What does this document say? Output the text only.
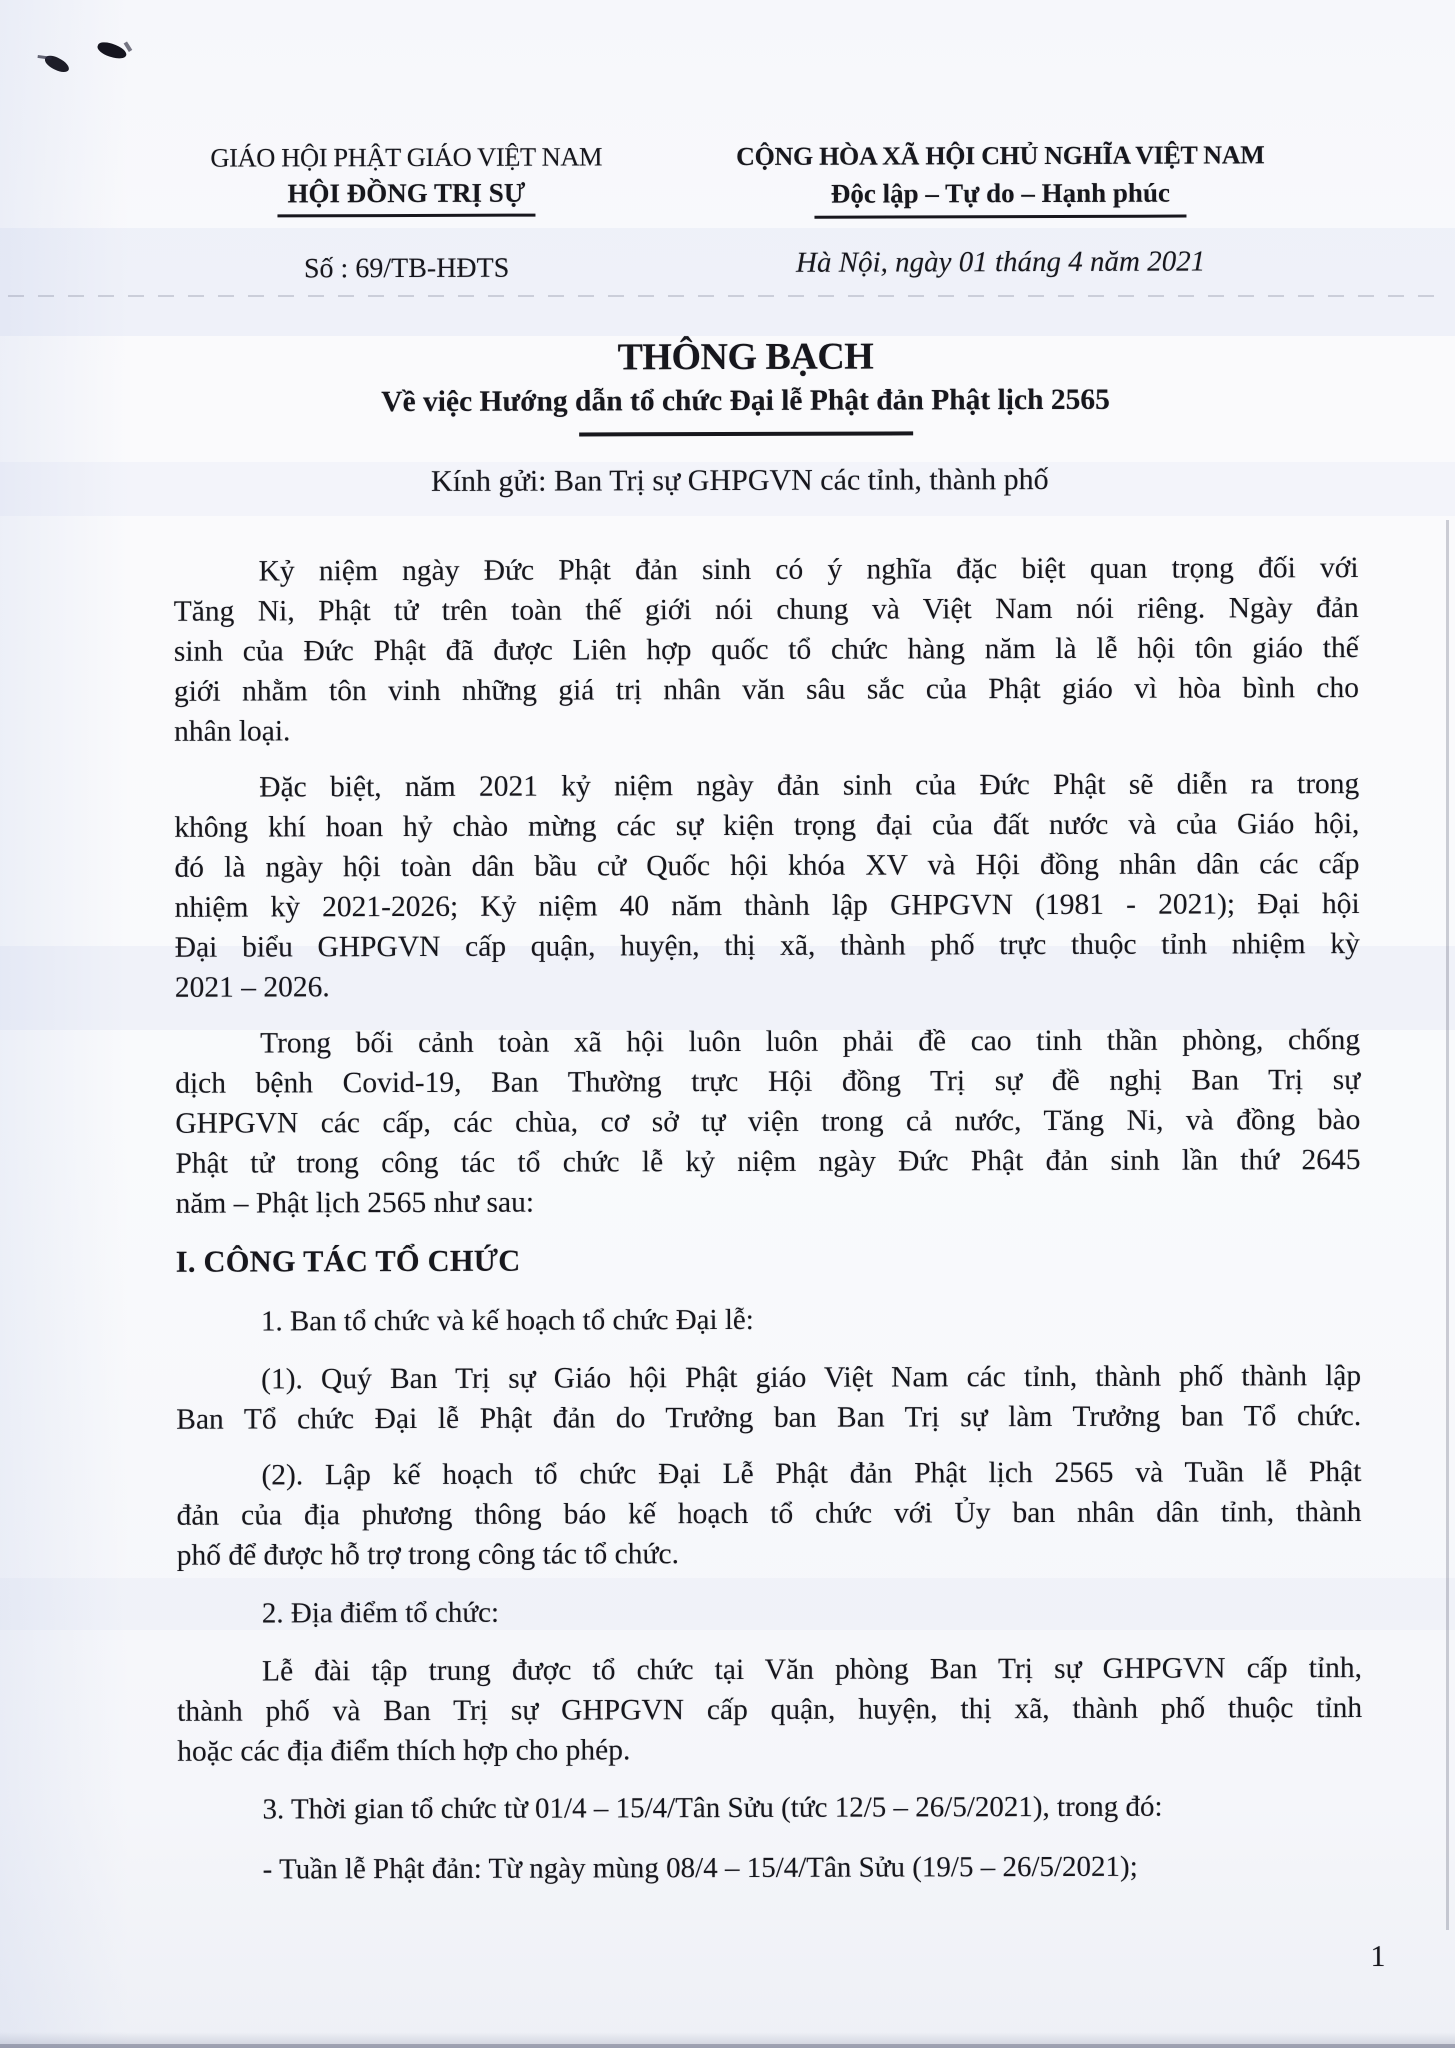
GIÁO HỘI PHẬT GIÁO VIỆT NAM
HỘI ĐỒNG TRỊ SỰ
Số : 69/TB-HĐTS
CỘNG HÒA XÃ HỘI CHỦ NGHĨA VIỆT NAM
Độc lập – Tự do – Hạnh phúc
Hà Nội, ngày 01 tháng 4 năm 2021
THÔNG BẠCH
Về việc Hướng dẫn tổ chức Đại lễ Phật đản Phật lịch 2565
Kính gửi: Ban Trị sự GHPGVN các tỉnh, thành phố
Kỷ niệm ngày Đức Phật đản sinh có ý nghĩa đặc biệt quan trọng đối với
Tăng Ni, Phật tử trên toàn thế giới nói chung và Việt Nam nói riêng. Ngày đản
sinh của Đức Phật đã được Liên hợp quốc tổ chức hàng năm là lễ hội tôn giáo thế
giới nhằm tôn vinh những giá trị nhân văn sâu sắc của Phật giáo vì hòa bình cho
nhân loại.
Đặc biệt, năm 2021 kỷ niệm ngày đản sinh của Đức Phật sẽ diễn ra trong
không khí hoan hỷ chào mừng các sự kiện trọng đại của đất nước và của Giáo hội,
đó là ngày hội toàn dân bầu cử Quốc hội khóa XV và Hội đồng nhân dân các cấp
nhiệm kỳ 2021-2026; Kỷ niệm 40 năm thành lập GHPGVN (1981 - 2021); Đại hội
Đại biểu GHPGVN cấp quận, huyện, thị xã, thành phố trực thuộc tỉnh nhiệm kỳ
2021 – 2026.
Trong bối cảnh toàn xã hội luôn luôn phải đề cao tinh thần phòng, chống
dịch bệnh Covid-19, Ban Thường trực Hội đồng Trị sự đề nghị Ban Trị sự
GHPGVN các cấp, các chùa, cơ sở tự viện trong cả nước, Tăng Ni, và đồng bào
Phật tử trong công tác tổ chức lễ kỷ niệm ngày Đức Phật đản sinh lần thứ 2645
năm – Phật lịch 2565 như sau:
I. CÔNG TÁC TỔ CHỨC
1. Ban tổ chức và kế hoạch tổ chức Đại lễ:
(1). Quý Ban Trị sự Giáo hội Phật giáo Việt Nam các tỉnh, thành phố thành lập
Ban Tổ chức Đại lễ Phật đản do Trưởng ban Ban Trị sự làm Trưởng ban Tổ chức.
(2). Lập kế hoạch tổ chức Đại Lễ Phật đản Phật lịch 2565 và Tuần lễ Phật
đản của địa phương thông báo kế hoạch tổ chức với Ủy ban nhân dân tỉnh, thành
phố để được hỗ trợ trong công tác tổ chức.
2. Địa điểm tổ chức:
Lễ đài tập trung được tổ chức tại Văn phòng Ban Trị sự GHPGVN cấp tỉnh,
thành phố và Ban Trị sự GHPGVN cấp quận, huyện, thị xã, thành phố thuộc tỉnh
hoặc các địa điểm thích hợp cho phép.
3. Thời gian tổ chức từ 01/4 – 15/4/Tân Sửu (tức 12/5 – 26/5/2021), trong đó:
- Tuần lễ Phật đản: Từ ngày mùng 08/4 – 15/4/Tân Sửu (19/5 – 26/5/2021);
1
